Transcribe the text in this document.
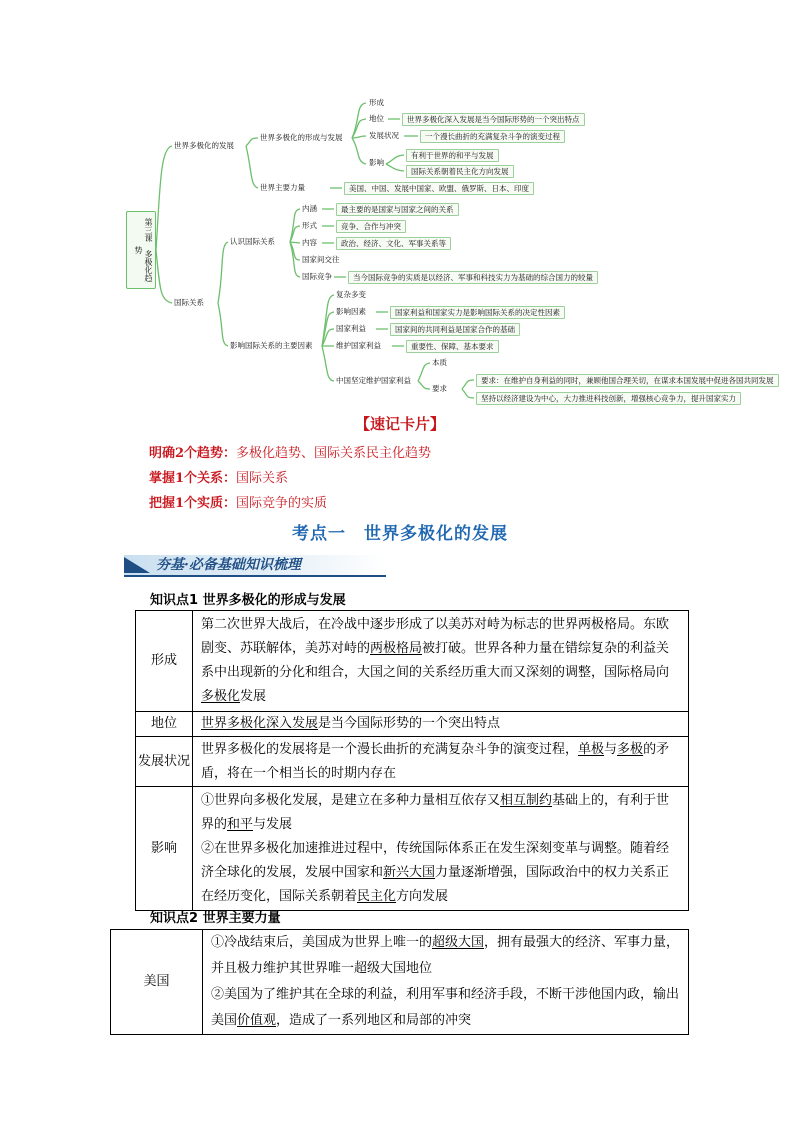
第三课　多极化趋势
世界多极化的发展
世界多极化的形成与发展
形成
地位	世界多极化深入发展是当今国际形势的一个突出特点
发展状况	一个漫长曲折的充满复杂斗争的演变过程
影响
有利于世界的和平与发展
国际关系朝着民主化方向发展
世界主要力量	美国、中国、发展中国家、欧盟、俄罗斯、日本、印度
国际关系
认识国际关系
内涵	最主要的是国家与国家之间的关系
形式	竞争、合作与冲突
内容	政治、经济、文化、军事关系等
国家间交往
国际竞争	当今国际竞争的实质是以经济、军事和科技实力为基础的综合国力的较量
影响国际关系的主要因素
复杂多变
影响因素	国家利益和国家实力是影响国际关系的决定性因素
国家利益	国家间的共同利益是国家合作的基础
维护国家利益	重要性、保障、基本要求
中国坚定维护国家利益
本质
要求
要求：在维护自身利益的同时，兼顾他国合理关切，在谋求本国发展中促进各国共同发展
坚持以经济建设为中心，大力推进科技创新，增强核心竞争力，提升国家实力
【速记卡片】
明确2个趋势：多极化趋势、国际关系民主化趋势
掌握1个关系：国际关系
把握1个实质：国际竞争的实质
考点一　世界多极化的发展
夯基·必备基础知识梳理
知识点1 世界多极化的形成与发展
形成	第二次世界大战后，在冷战中逐步形成了以美苏对峙为标志的世界两极格局。东欧剧变、苏联解体，美苏对峙的两极格局被打破。世界各种力量在错综复杂的利益关系中出现新的分化和组合，大国之间的关系经历重大而又深刻的调整，国际格局向多极化发展
地位	世界多极化深入发展是当今国际形势的一个突出特点
发展状况	世界多极化的发展将是一个漫长曲折的充满复杂斗争的演变过程，单极与多极的矛盾，将在一个相当长的时期内存在
影响	①世界向多极化发展，是建立在多种力量相互依存又相互制约基础上的，有利于世界的和平与发展
②在世界多极化加速推进过程中，传统国际体系正在发生深刻变革与调整。随着经济全球化的发展，发展中国家和新兴大国力量逐渐增强，国际政治中的权力关系正在经历变化，国际关系朝着民主化方向发展
知识点2 世界主要力量
美国	
①冷战结束后，美国成为世界上唯一的超级大国，拥有最强大的经济、军事力量，并且极力维护其世界唯一超级大国地位
②美国为了维护其在全球的利益，利用军事和经济手段，不断干涉他国内政，输出美国价值观，造成了一系列地区和局部的冲突
